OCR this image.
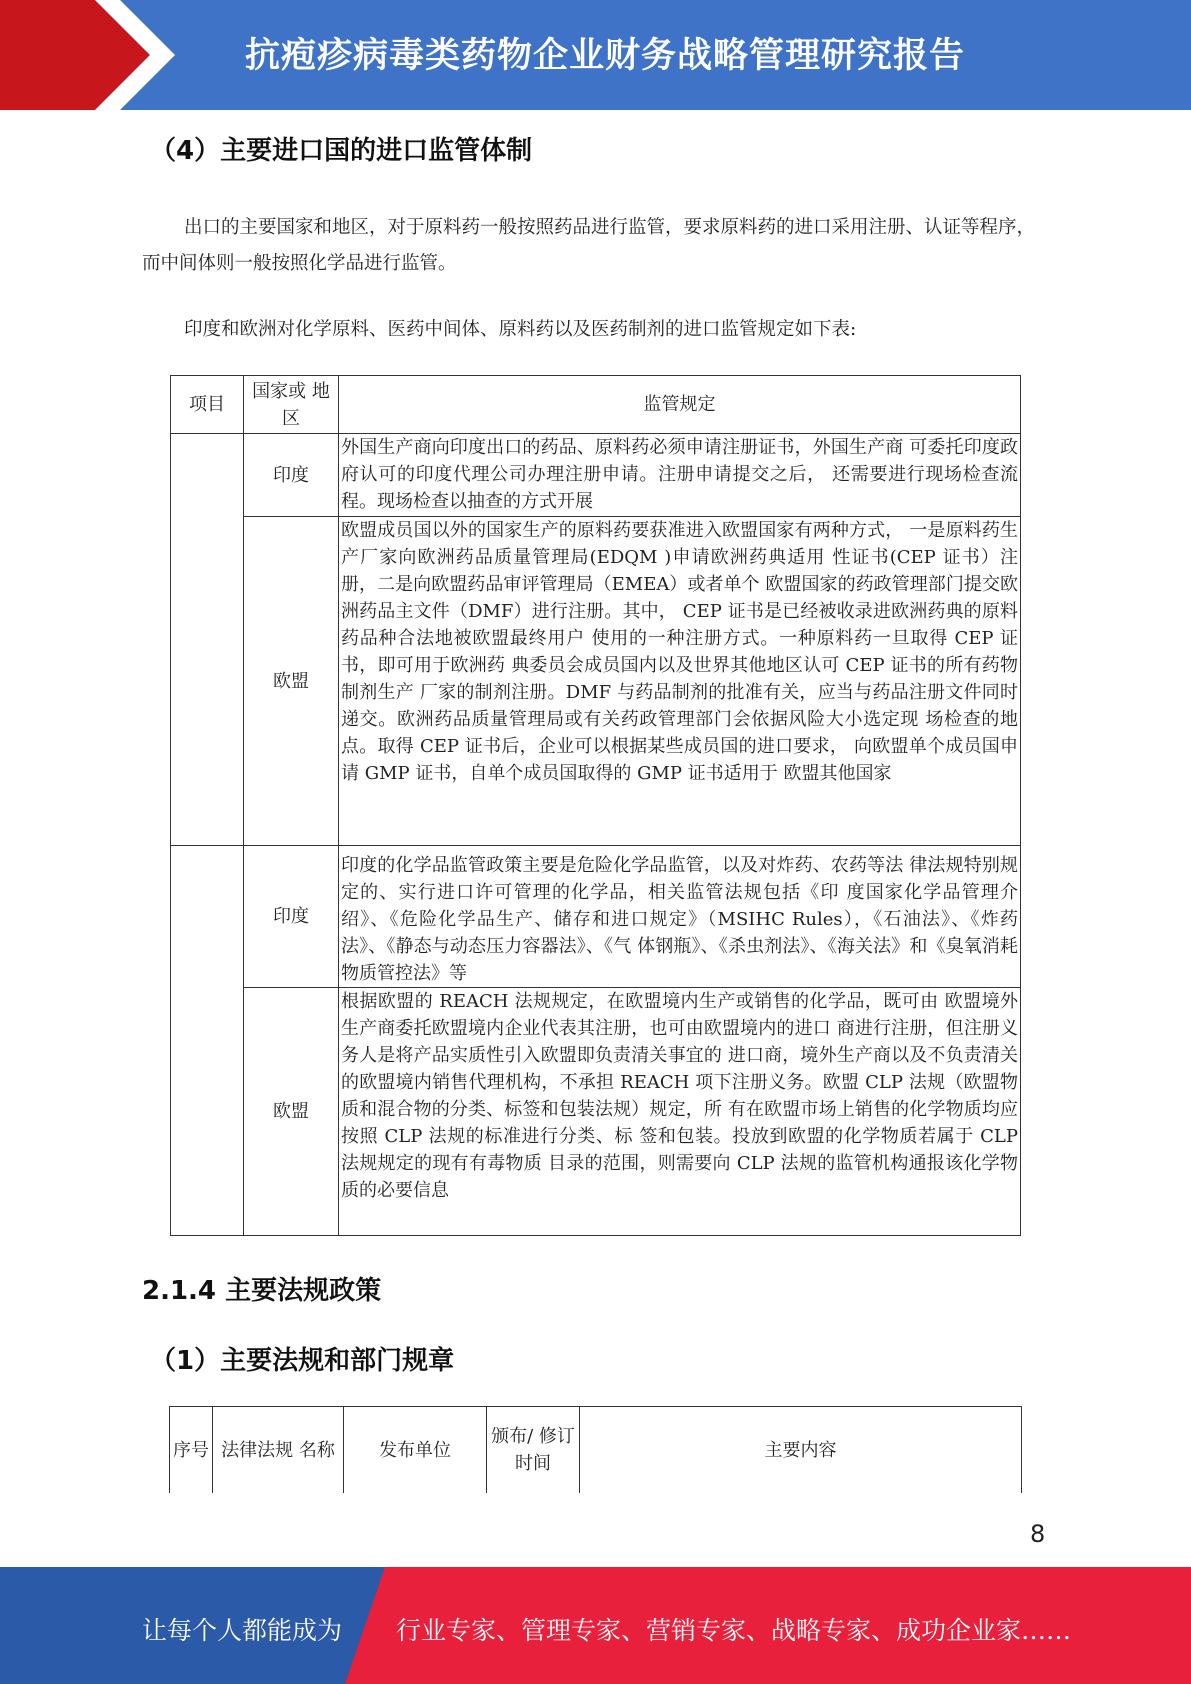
抗疱疹病毒类药物企业财务战略管理研究报告
（4）主要进口国的进口监管体制
出口的主要国家和地区，对于原料药一般按照药品进行监管，要求原料药的进口采用注册、认证等程序，而中间体则一般按照化学品进行监管。
印度和欧洲对化学原料、医药中间体、原料药以及医药制剂的进口监管规定如下表:
项目	国家或 地区	监管规定
	印度	外国生产商向印度出口的药品、原料药必须申请注册证书，外国生产商 可委托印度政府认可的印度代理公司办理注册申请。注册申请提交之后， 还需要进行现场检查流程。现场检查以抽查的方式开展
	欧盟	欧盟成员国以外的国家生产的原料药要获准进入欧盟国家有两种方式， 一是原料药生产厂家向欧洲药品质量管理局(EDQM )申请欧洲药典适用 性证书(CEP 证书）注册，二是向欧盟药品审评管理局（EMEA）或者单个 欧盟国家的药政管理部门提交欧洲药品主文件（DMF）进行注册。其中， CEP 证书是已经被收录进欧洲药典的原料药品种合法地被欧盟最终用户 使用的一种注册方式。一种原料药一旦取得 CEP 证书，即可用于欧洲药 典委员会成员国内以及世界其他地区认可 CEP 证书的所有药物制剂生产 厂家的制剂注册。DMF 与药品制剂的批准有关，应当与药品注册文件同时 递交。欧洲药品质量管理局或有关药政管理部门会依据风险大小选定现 场检查的地点。取得 CEP 证书后，企业可以根据某些成员国的进口要求， 向欧盟单个成员国申请 GMP 证书，自单个成员国取得的 GMP 证书适用于 欧盟其他国家
	印度	印度的化学品监管政策主要是危险化学品监管，以及对炸药、农药等法 律法规特别规定的、实行进口许可管理的化学品，相关监管法规包括《印 度国家化学品管理介绍》、《危险化学品生产、储存和进口规定》（MSIHC Rules），《石油法》、《炸药法》、《静态与动态压力容器法》、《气 体钢瓶》、《杀虫剂法》、《海关法》和《臭氧消耗物质管控法》等
	欧盟	根据欧盟的 REACH 法规规定，在欧盟境内生产或销售的化学品，既可由 欧盟境外生产商委托欧盟境内企业代表其注册，也可由欧盟境内的进口 商进行注册，但注册义务人是将产品实质性引入欧盟即负责清关事宜的 进口商，境外生产商以及不负责清关的欧盟境内销售代理机构，不承担 REACH 项下注册义务。欧盟 CLP 法规（欧盟物质和混合物的分类、标签和包装法规）规定，所 有在欧盟市场上销售的化学物质均应按照 CLP 法规的标准进行分类、标 签和包装。投放到欧盟的化学物质若属于 CLP 法规规定的现有有毒物质 目录的范围，则需要向 CLP 法规的监管机构通报该化学物质的必要信息
2.1.4 主要法规政策
（1）主要法规和部门规章
序号	法律法规 名称	发布单位	颁布/ 修订 时间	主要内容
8
让每个人都能成为 行业专家、管理专家、营销专家、战略专家、成功企业家……
